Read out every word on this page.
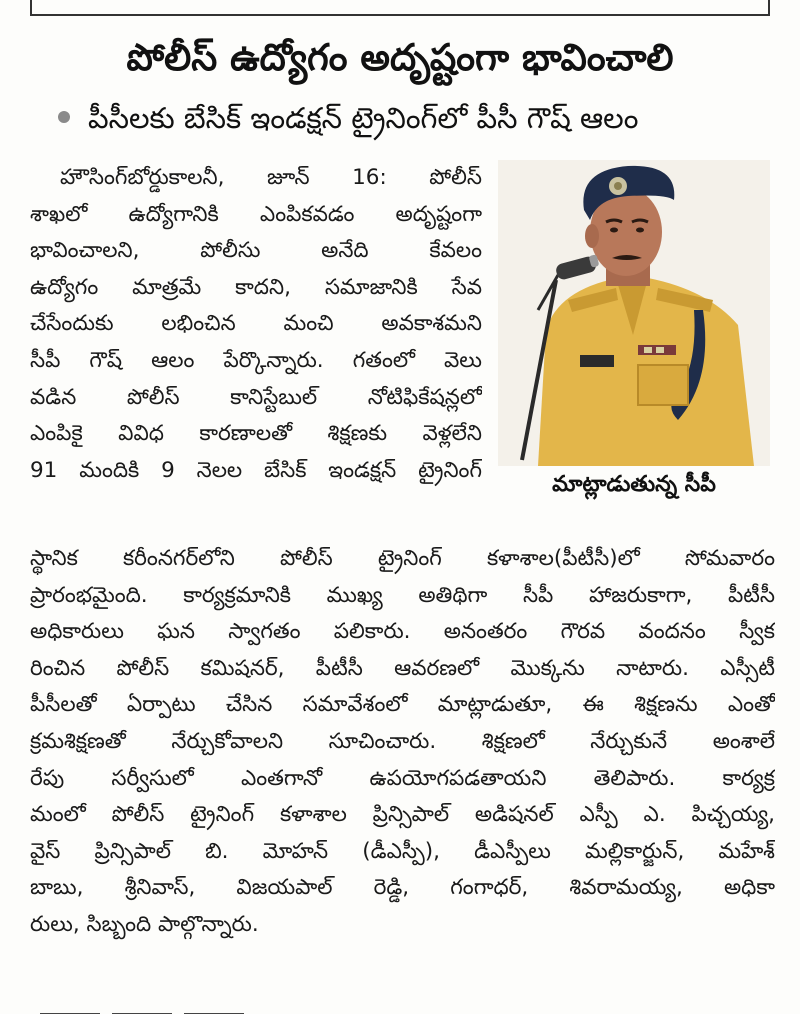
పోలీస్ ఉద్యోగం అదృష్టంగా భావించాలి
పీసీలకు బేసిక్ ఇండక్షన్ ట్రైనింగ్‌లో పీసీ గౌష్ ఆలం
హౌసింగ్‌బోర్డుకాలనీ, జూన్ 16: పోలీస్
శాఖలో ఉద్యోగానికి ఎంపికవడం అదృష్టంగా
భావించాలని, పోలీసు అనేది కేవలం
ఉద్యోగం మాత్రమే కాదని, సమాజానికి సేవ
చేసేందుకు లభించిన మంచి అవకాశమని
సీపీ గౌష్ ఆలం పేర్కొన్నారు. గతంలో వెలు
వడిన పోలీస్ కానిస్టేబుల్ నోటిఫికేషన్లలో
ఎంపికై వివిధ కారణాలతో శిక్షణకు వెళ్లలేని
91 మందికి 9 నెలల బేసిక్ ఇండక్షన్ ట్రైనింగ్
మాట్లాడుతున్న సీపీ
స్థానిక కరీంనగర్‌లోని పోలీస్ ట్రైనింగ్ కళాశాల(పీటీసీ)లో సోమవారం
ప్రారంభమైంది. కార్యక్రమానికి ముఖ్య అతిథిగా సీపీ హాజరుకాగా, పీటీసీ
అధికారులు ఘన స్వాగతం పలికారు. అనంతరం గౌరవ వందనం స్వీక
రించిన పోలీస్ కమిషనర్, పీటీసీ ఆవరణలో మొక్కను నాటారు. ఎస్సీటీ
పీసీలతో ఏర్పాటు చేసిన సమావేశంలో మాట్లాడుతూ, ఈ శిక్షణను ఎంతో
క్రమశిక్షణతో నేర్చుకోవాలని సూచించారు. శిక్షణలో నేర్చుకునే అంశాలే
రేపు సర్వీసులో ఎంతగానో ఉపయోగపడతాయని తెలిపారు. కార్యక్ర
మంలో పోలీస్ ట్రైనింగ్ కళాశాల ప్రిన్సిపాల్ అడిషనల్ ఎస్పీ ఎ. పిచ్చయ్య,
వైస్ ప్రిన్సిపాల్ బి. మోహన్ (డీఎస్పీ), డీఎస్పీలు మల్లికార్జున్, మహేశ్
బాబు, శ్రీనివాస్, విజయపాల్ రెడ్డి, గంగాధర్, శివరామయ్య, అధికా
రులు, సిబ్బంది పాల్గొన్నారు.
